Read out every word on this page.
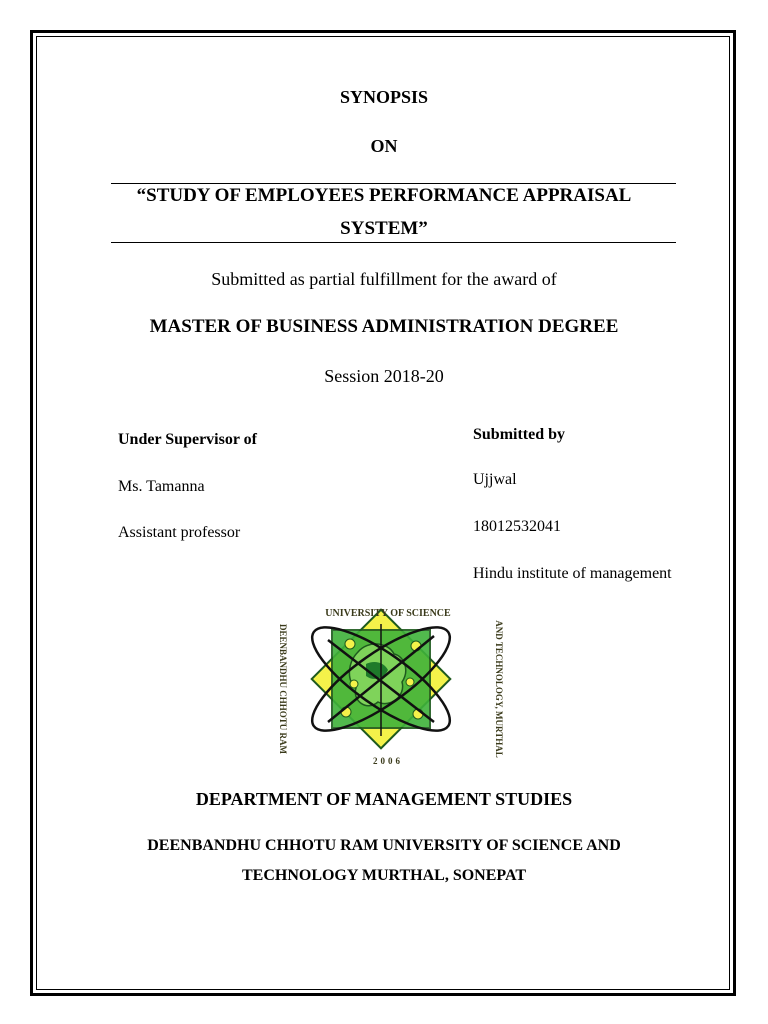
SYNOPSIS
ON
“STUDY OF EMPLOYEES PERFORMANCE APPRAISAL
SYSTEM”
Submitted as partial fulfillment for the award of
MASTER OF BUSINESS ADMINISTRATION DEGREE
Session 2018-20
Under Supervisor of
Ms. Tamanna
Assistant professor
Submitted by
Ujjwal
18012532041
Hindu institute of management
UNIVERSITY OF SCIENCE
DEENBANDHU CHHOTU RAM	AND TECHNOLOGY, MURTHAL
2006
DEPARTMENT OF MANAGEMENT STUDIES
DEENBANDHU CHHOTU RAM UNIVERSITY OF SCIENCE AND
TECHNOLOGY MURTHAL, SONEPAT
